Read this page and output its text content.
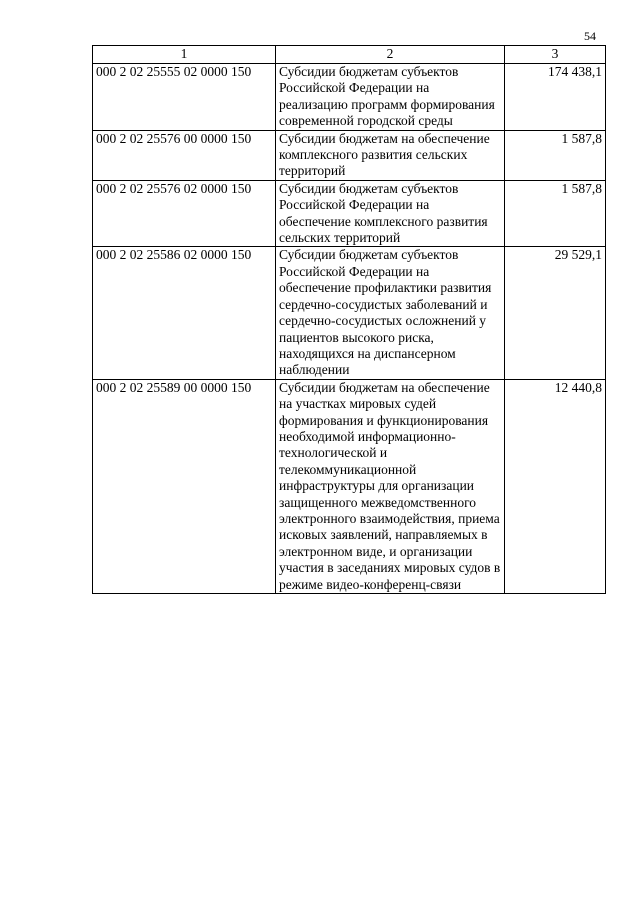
54
1	2	3
000 2 02 25555 02 0000 150	Субсидии бюджетам субъектов Российской Федерации на реализацию программ формирования современной городской среды	174 438,1
000 2 02 25576 00 0000 150	Субсидии бюджетам на обеспечение комплексного развития сельских территорий	1 587,8
000 2 02 25576 02 0000 150	Субсидии бюджетам субъектов Российской Федерации на обеспечение комплексного развития сельских территорий	1 587,8
000 2 02 25586 02 0000 150	Субсидии бюджетам субъектов Российской Федерации на обеспечение профилактики развития сердечно-сосудистых заболеваний и сердечно-сосудистых осложнений у пациентов высокого риска, находящихся на диспансерном наблюдении	29 529,1
000 2 02 25589 00 0000 150	Субсидии бюджетам на обеспечение на участках мировых судей формирования и функционирования необходимой информационно-технологической и телекоммуникационной инфраструктуры для организации защищенного межведомственного электронного взаимодействия, приема исковых заявлений, направляемых в электронном виде, и организации участия в заседаниях мировых судов в режиме видео-конференц-связи	12 440,8
